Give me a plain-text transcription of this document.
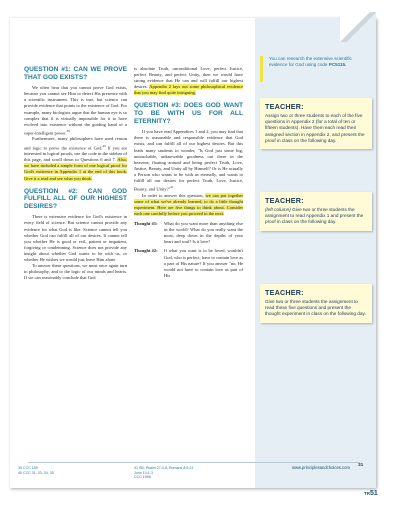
QUESTION #1: CAN WE PROVE THAT GOD EXISTS?

We often hear that you cannot prove God exists, because you cannot see Him or detect His presence with a scientific instrument. This is true, but science can provide evidence that points to the existence of God. For example, many biologists argue that the human eye is so complex that it is virtually impossible for it to have evolved into existence without the guiding hand of a super-intelligent power.$^{39}$

Furthermore, many philosophers have used reason and logic to prove the existence of God.$^{40}$ If you are interested in logical proofs, use the code in the sidebar of this page, and scroll down to Questions 6 and 7. Also, we have included a simple form of one logical proof for God's existence in Appendix 1 at the end of this book. Give it a read and see what you think.

QUESTION #2: CAN GOD FULFILL ALL OF OUR HIGHEST DESIRES?

There is extensive evidence for God's existence in every field of science. But science cannot provide any evidence for what God is like. Science cannot tell you whether God can fulfill all of our desires. It cannot tell you whether He is good or evil, patient or impatient, forgiving or condemning. Science does not provide any insight about whether God wants to be with us, or whether He wishes we would just leave Him alone.

To answer these questions, we must once again turn to philosophy, and to the logic of our minds and hearts. If we can reasonably conclude that God

is absolute Truth, unconditional Love, perfect Justice, perfect Beauty, and perfect Unity, then we would have strong evidence that He can and will fulfill our highest desires. Appendix 2 lays out some philosophical evidence that you may find quite intriguing.

QUESTION #3: DOES GOD WANT TO BE WITH US FOR ALL ETERNITY?

If you have read Appendices 1 and 2, you may find that there is reasonable and responsible evidence that God exists, and can fulfill all of our highest desires. But this leads many students to wonder, "Is God just some big, untouchable, unknowable goodness out there in the heavens, floating around and being perfect Truth, Love, Justice, Beauty, and Unity all by Himself? Or is He actually a Person who wants to be with us eternally, and wants to fulfill all our desires for perfect Truth, Love, Justice, Beauty, and Unity?"$^{41}$

In order to answer this question, we can put together some of what we've already learned, to do a little thought experiment. Here are five things to think about. Consider each one carefully before you proceed to the next.

Thought #1: What do you want more than anything else in the world? What do you really want the most, deep down in the depths of your heart and soul? Is it love?
Thought #2: If what you want is to be loved, wouldn't God, who is perfect, have to contain love as a part of His nature? If you answer "no, He would not have to contain love as part of His
You can research the extensive scientific evidence for God using code PC5115.
TEACHER:
Assign two or three students to each of the five questions in Appendix 2 (for a total of ten or fifteen students). Have them each read their assigned section in Appendix 2, and present the proof in class on the following day.
TEACHER:
(left column) Give two or three students the assignment to read Appendix 1 and present the proof in class on the following day.
TEACHER:
Give two or three students the assignment to read these five questions and present the thought experiment in class on the following day.
www.principlesandchoices.com 31
39 CCC 159
40 CCC 31, 33, 34, 35
41 SB: Psalm 27:4-5, Romans 8:9-21
John 14:1-3
CCC 1998
TR51
